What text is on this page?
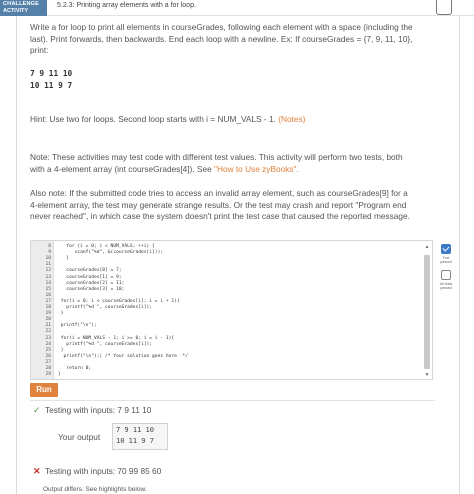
CHALLENGE
ACTIVITY
5.2.3: Printing array elements with a for loop.
Write a for loop to print all elements in courseGrades, following each element with a space (including the
last). Print forwards, then backwards. End each loop with a newline. Ex: If courseGrades = {7, 9, 11, 10},
print:
7 9 11 10
10 11 9 7
Hint: Use two for loops. Second loop starts with i = NUM_VALS - 1. (Notes)
Note: These activities may test code with different test values. This activity will perform two tests, both
with a 4-element array (int courseGrades[4]). See "How to Use zyBooks".
Also note: If the submitted code tries to access an invalid array element, such as courseGrades[9] for a
4-element array, the test may generate strange results. Or the test may crash and report "Program end
never reached", in which case the system doesn't print the test case that caused the reported message.
8
9
10
11
12
13
14
15
16
17
18
19
20
21
22
23
24
25
26
27
28
29
for (i = 0; i < NUM_VALS; ++i) {
scanf("%d", &(courseGrades[i]));
}
courseGrades[0] = 7;
courseGrades[1] = 9;
courseGrades[2] = 11;
courseGrades[3] = 10;
for(i = 0; i < courseGrades[i]; i = i + 1){
printf("%d ", courseGrades[i]);
}
printf("\n");
for(i = NUM_VALS - 1; i >= 0; i = i - 1){
printf("%d ", courseGrades[i]);
}
printf("\n");| /* Your solution goes here  */
return 0;
}
▲
▼
Test passed
All tests passed
Run
✓ Testing with inputs: 7 9 11 10
Your output
7 9 11 10
10 11 9 7
✕ Testing with inputs: 70 99 85 60
Output differs. See highlights below.
